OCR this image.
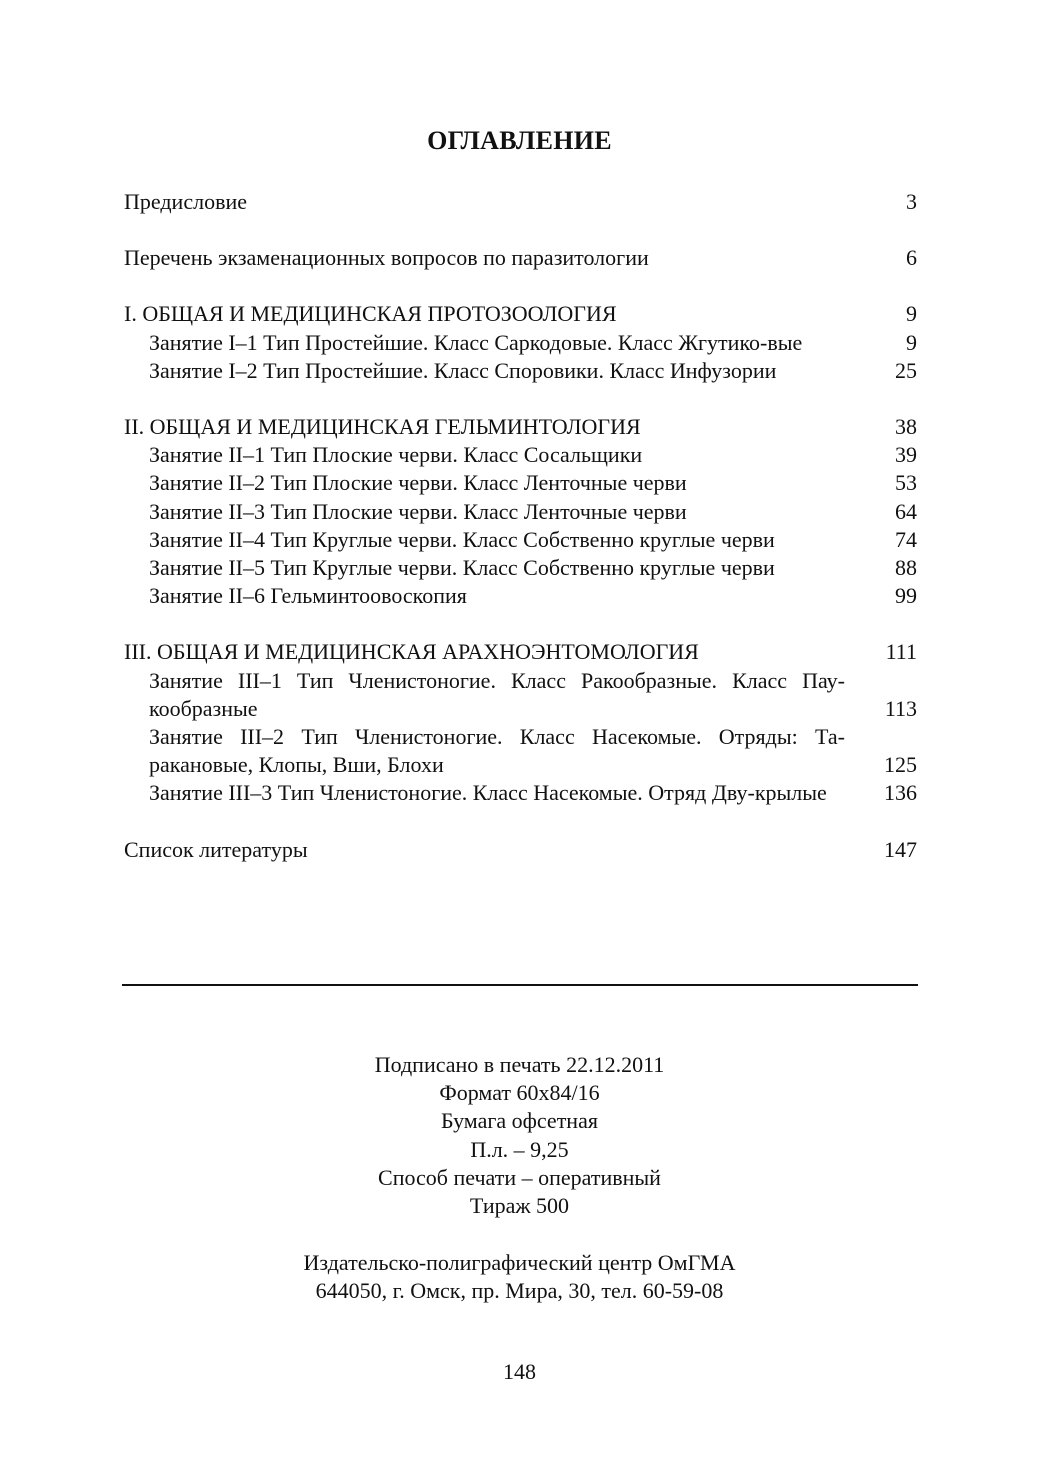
ОГЛАВЛЕНИЕ
Предисловие	3
Перечень экзаменационных вопросов по паразитологии	6
I. ОБЩАЯ И МЕДИЦИНСКАЯ ПРОТОЗООЛОГИЯ	9
Занятие I–1 Тип Простейшие. Класс Саркодовые. Класс Жгутико-вые	9
Занятие I–2 Тип Простейшие. Класс Споровики. Класс Инфузории	25
II. ОБЩАЯ И МЕДИЦИНСКАЯ ГЕЛЬМИНТОЛОГИЯ	38
Занятие II–1 Тип Плоские черви. Класс Сосальщики	39
Занятие II–2 Тип Плоские черви. Класс Ленточные черви	53
Занятие II–3 Тип Плоские черви. Класс Ленточные черви	64
Занятие II–4 Тип Круглые черви. Класс Собственно круглые черви	74
Занятие II–5 Тип Круглые черви. Класс Собственно круглые черви	88
Занятие II–6 Гельминтоовоскопия	99
III. ОБЩАЯ И МЕДИЦИНСКАЯ АРАХНОЭНТОМОЛОГИЯ	111
Занятие III–1 Тип Членистоногие. Класс Ракообразные. Класс Пау-кообразные	113
Занятие III–2 Тип Членистоногие. Класс Насекомые. Отряды: Та-ракановые, Клопы, Вши, Блохи	125
Занятие III–3 Тип Членистоногие. Класс Насекомые. Отряд Дву-крылые	136
Список литературы	147
Подписано в печать 22.12.2011
Формат 60x84/16
Бумага офсетная
П.л. – 9,25
Способ печати – оперативный
Тираж 500
Издательско-полиграфический центр ОмГМА
644050, г. Омск, пр. Мира, 30, тел. 60-59-08
148
